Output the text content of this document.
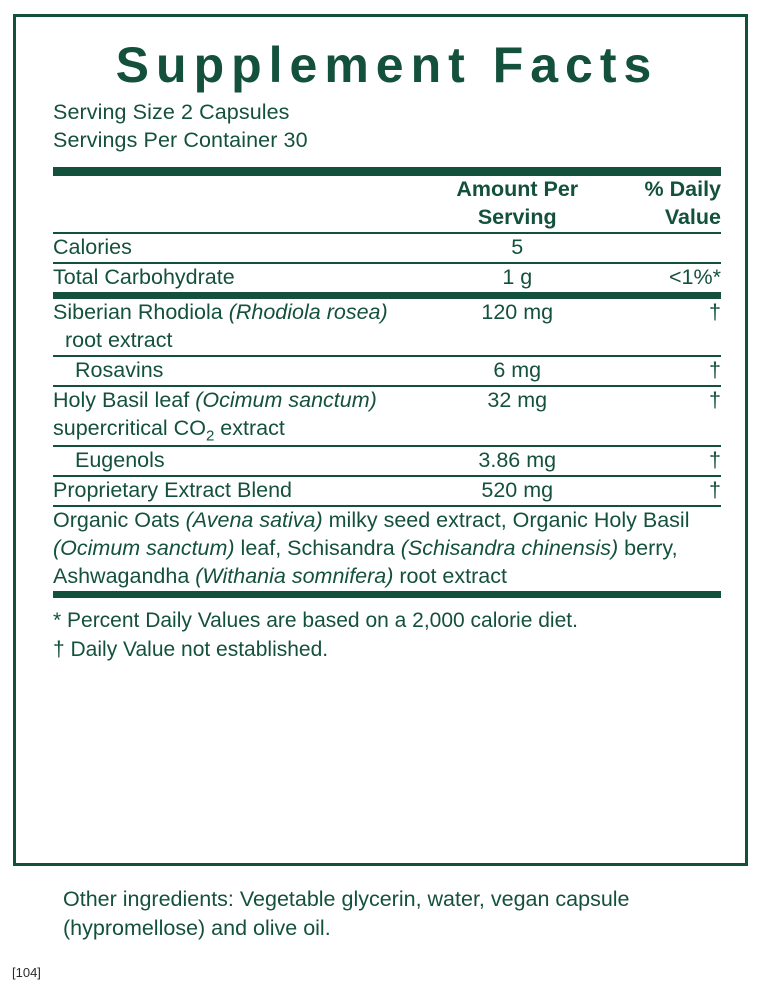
Supplement Facts
Serving Size 2 Capsules
Servings Per Container 30
	Amount Per Serving	% Daily Value

Calories	5	

Total Carbohydrate	1 g	<1%*

Siberian Rhodiola (Rhodiola rosea)
root extract	120 mg	†

Rosavins	6 mg	†

Holy Basil leaf (Ocimum sanctum)
supercritical $CO_2$ extract	32 mg	†

Eugenols	3.86 mg	†

Proprietary Extract Blend	520 mg	†

Organic Oats (Avena sativa) milky seed extract, Organic Holy Basil (Ocimum sanctum) leaf, Schisandra (Schisandra chinensis) berry, Ashwagandha (Withania somnifera) root extract		
* Percent Daily Values are based on a 2,000 calorie diet.
† Daily Value not established.
Other ingredients: Vegetable glycerin, water, vegan capsule (hypromellose) and olive oil.
[104]
